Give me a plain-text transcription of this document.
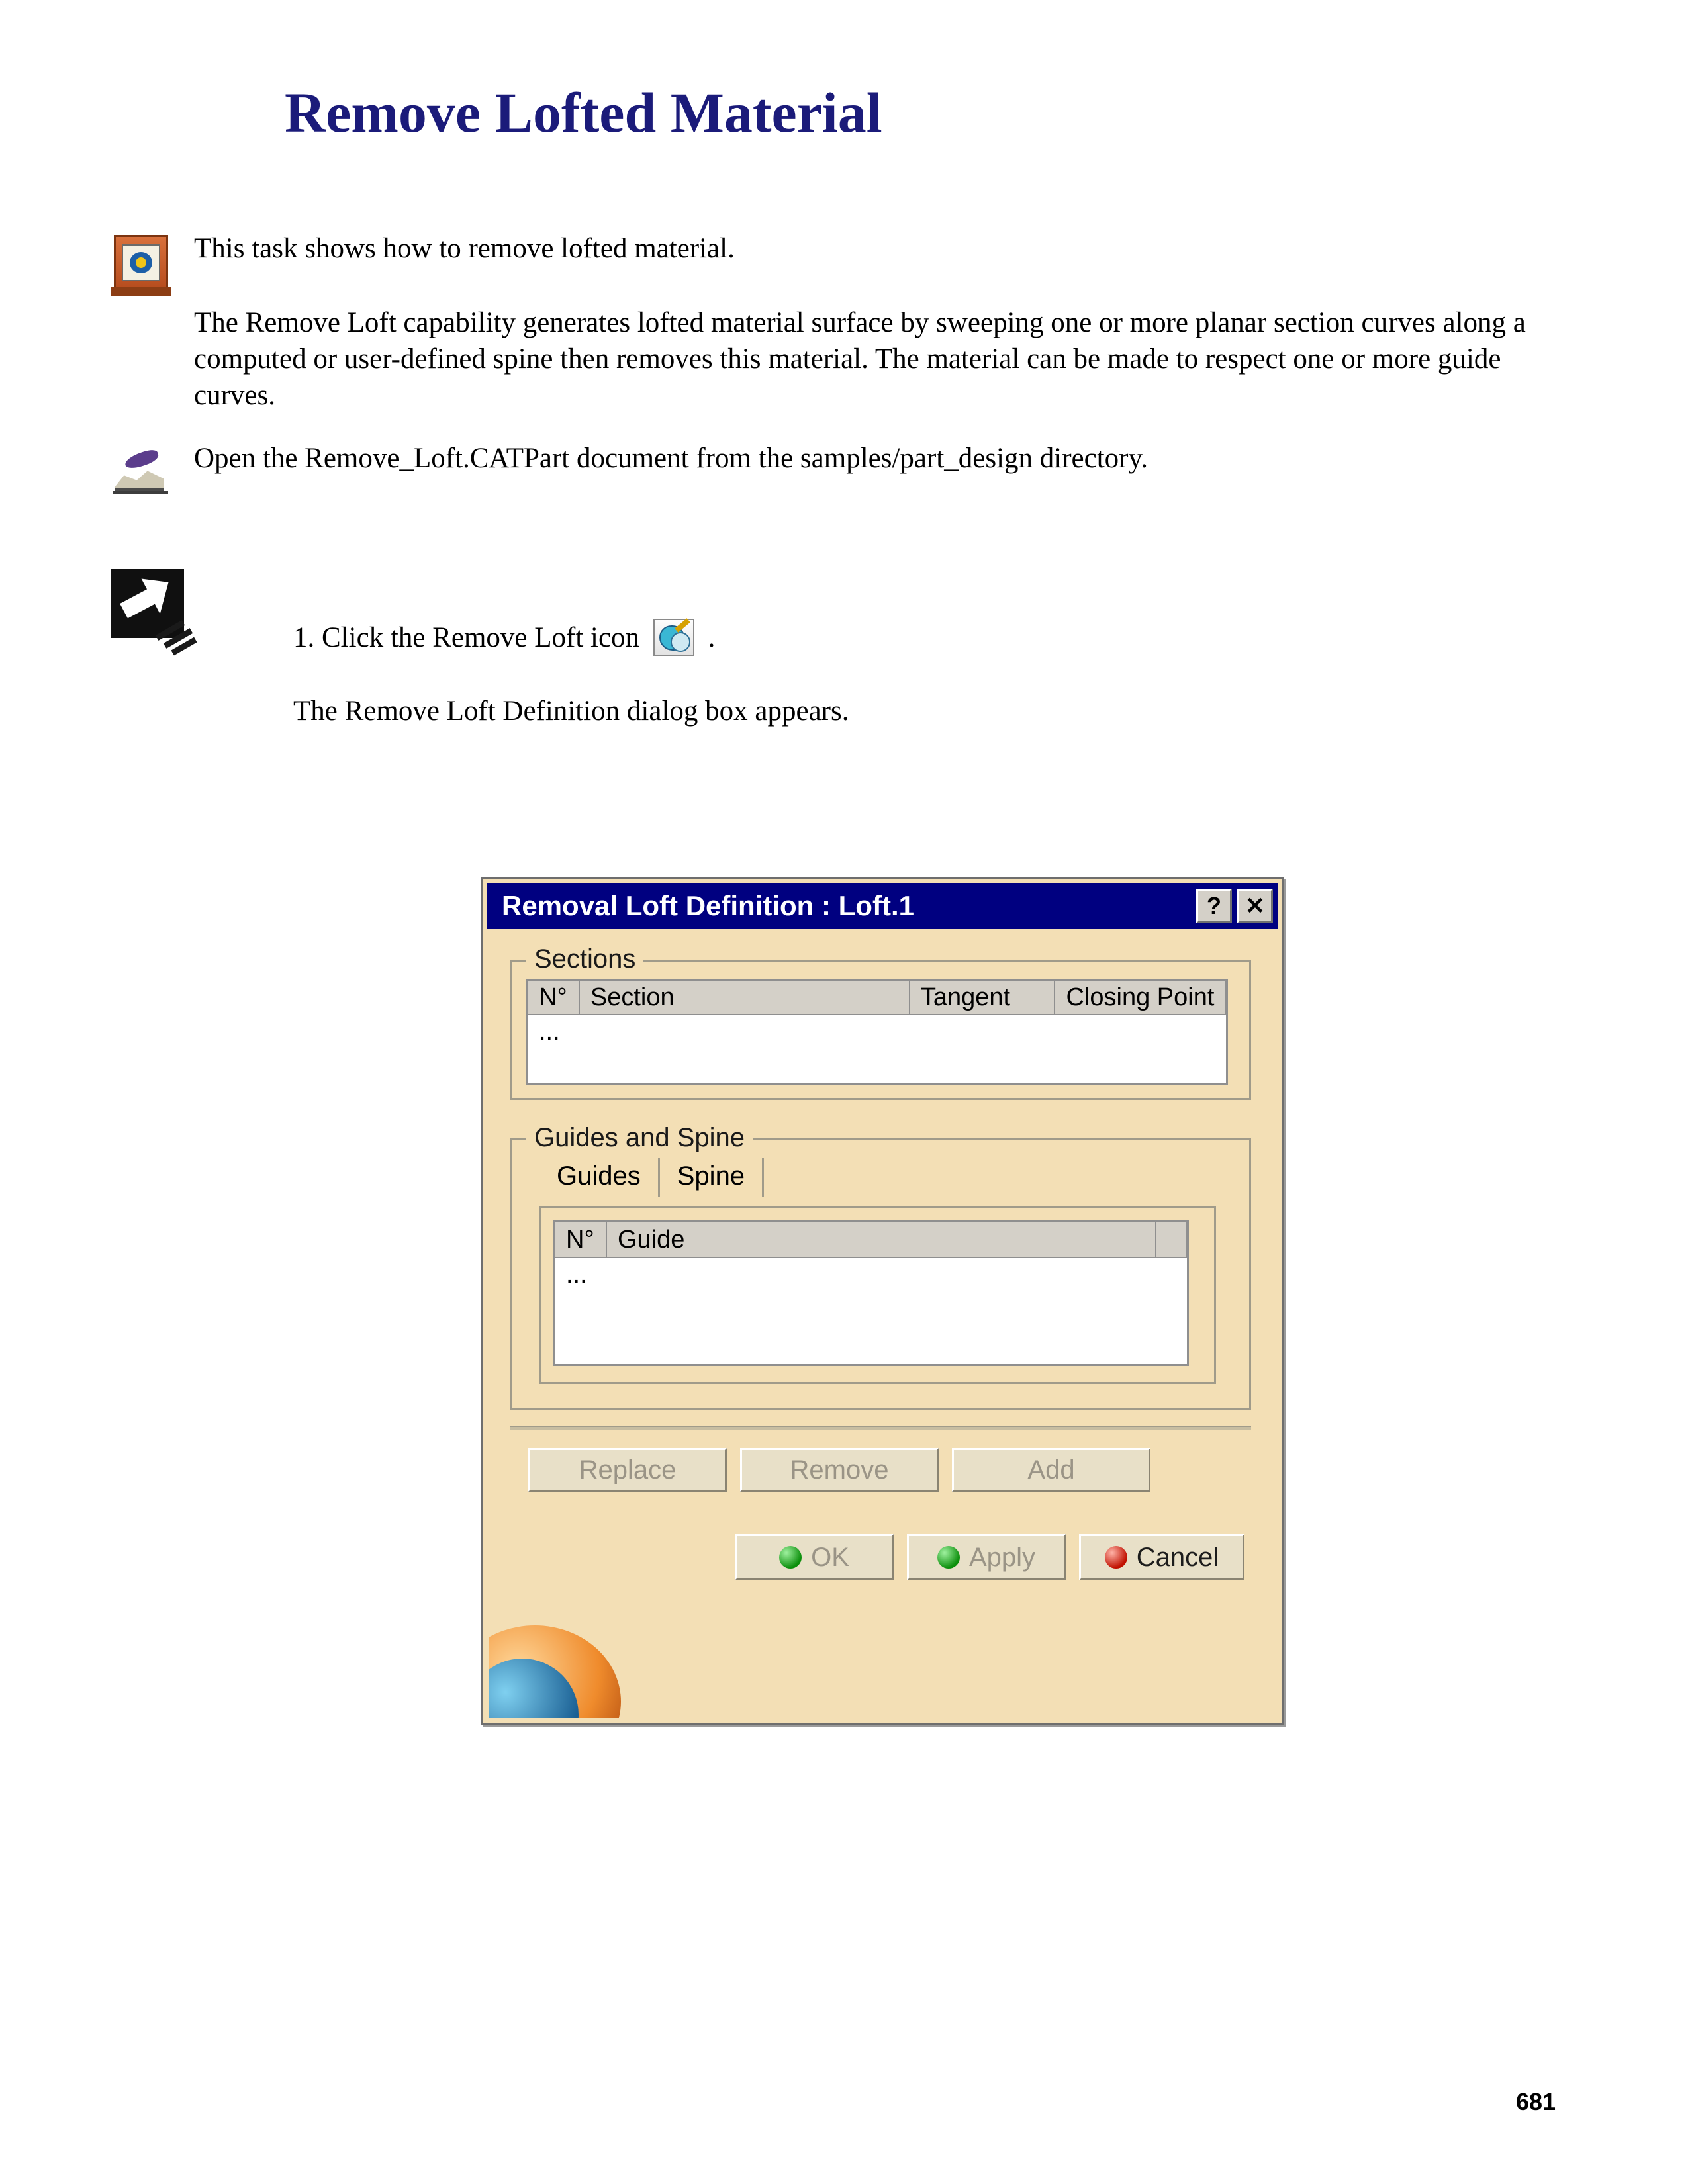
Remove Lofted Material
This task shows how to remove lofted material.
The Remove Loft capability generates lofted material surface by sweeping one or more planar section curves along a computed or user-defined spine then removes this material. The material can be made to respect one or more guide curves.
Open the Remove_Loft.CATPart document from the samples/part_design directory.
1. Click the Remove Loft icon .
The Remove Loft Definition dialog box appears.
Removal Loft Definition : Loft.1	? ✕
Sections
N° Section	Tangent	Closing Point
...
Guides and Spine
Guides	Spine
N° Guide
...
Replace	Remove	Add
OK	Apply	Cancel
681
